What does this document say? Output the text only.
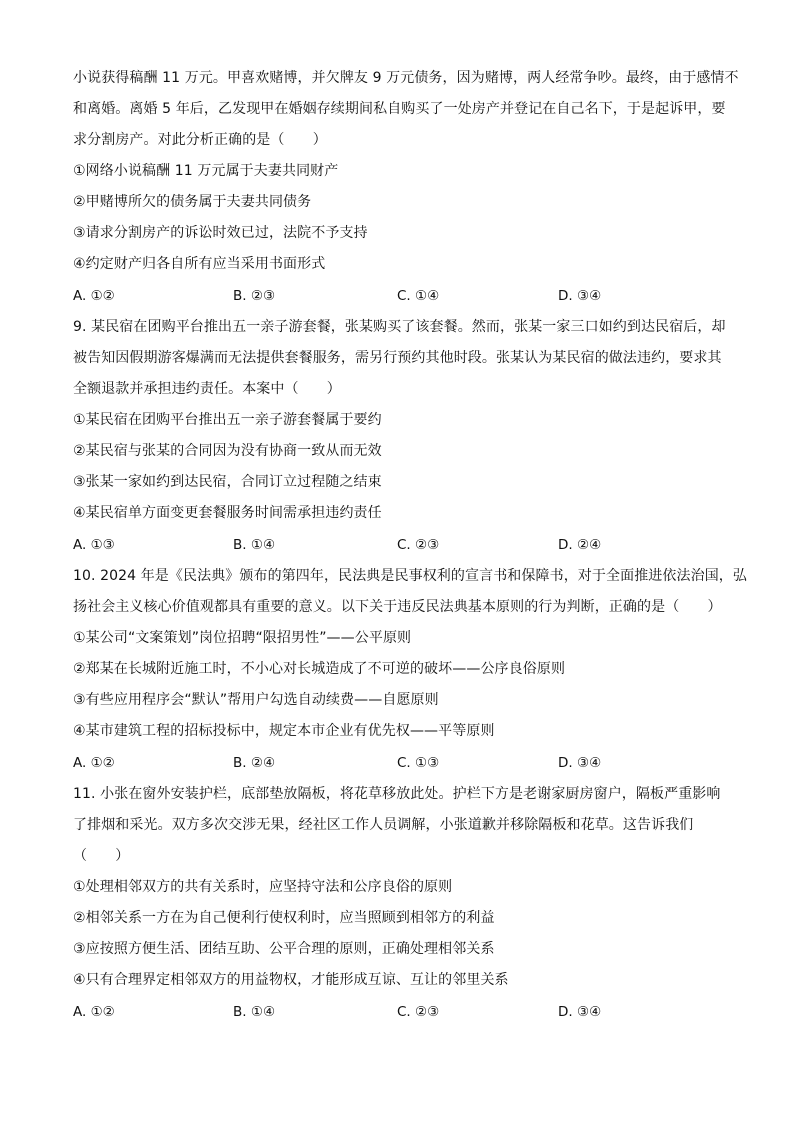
小说获得稿酬 11 万元。甲喜欢赌博，并欠牌友 9 万元债务，因为赌博，两人经常争吵。最终，由于感情不
和离婚。离婚 5 年后，乙发现甲在婚姻存续期间私自购买了一处房产并登记在自己名下，于是起诉甲，要
求分割房产。对此分析正确的是（　　）
①网络小说稿酬 11 万元属于夫妻共同财产
②甲赌博所欠的债务属于夫妻共同债务
③请求分割房产的诉讼时效已过，法院不予支持
④约定财产归各自所有应当采用书面形式
A. ①②	B. ②③	C. ①④	D. ③④
9. 某民宿在团购平台推出五一亲子游套餐，张某购买了该套餐。然而，张某一家三口如约到达民宿后，却
被告知因假期游客爆满而无法提供套餐服务，需另行预约其他时段。张某认为某民宿的做法违约，要求其
全额退款并承担违约责任。本案中（　　）
①某民宿在团购平台推出五一亲子游套餐属于要约
②某民宿与张某的合同因为没有协商一致从而无效
③张某一家如约到达民宿，合同订立过程随之结束
④某民宿单方面变更套餐服务时间需承担违约责任
A. ①③	B. ①④	C. ②③	D. ②④
10. 2024 年是《民法典》颁布的第四年，民法典是民事权利的宣言书和保障书，对于全面推进依法治国，弘
扬社会主义核心价值观都具有重要的意义。以下关于违反民法典基本原则的行为判断，正确的是（　　）
①某公司“文案策划”岗位招聘“限招男性”——公平原则
②郑某在长城附近施工时，不小心对长城造成了不可逆的破坏——公序良俗原则
③有些应用程序会“默认”帮用户勾选自动续费——自愿原则
④某市建筑工程的招标投标中，规定本市企业有优先权——平等原则
A. ①②	B. ②④	C. ①③	D. ③④
11. 小张在窗外安装护栏，底部垫放隔板，将花草移放此处。护栏下方是老谢家厨房窗户，隔板严重影响
了排烟和采光。双方多次交涉无果，经社区工作人员调解，小张道歉并移除隔板和花草。这告诉我们
（　　）
①处理相邻双方的共有关系时，应坚持守法和公序良俗的原则
②相邻关系一方在为自己便利行使权利时，应当照顾到相邻方的利益
③应按照方便生活、团结互助、公平合理的原则，正确处理相邻关系
④只有合理界定相邻双方的用益物权，才能形成互谅、互让的邻里关系
A. ①②	B. ①④	C. ②③	D. ③④
